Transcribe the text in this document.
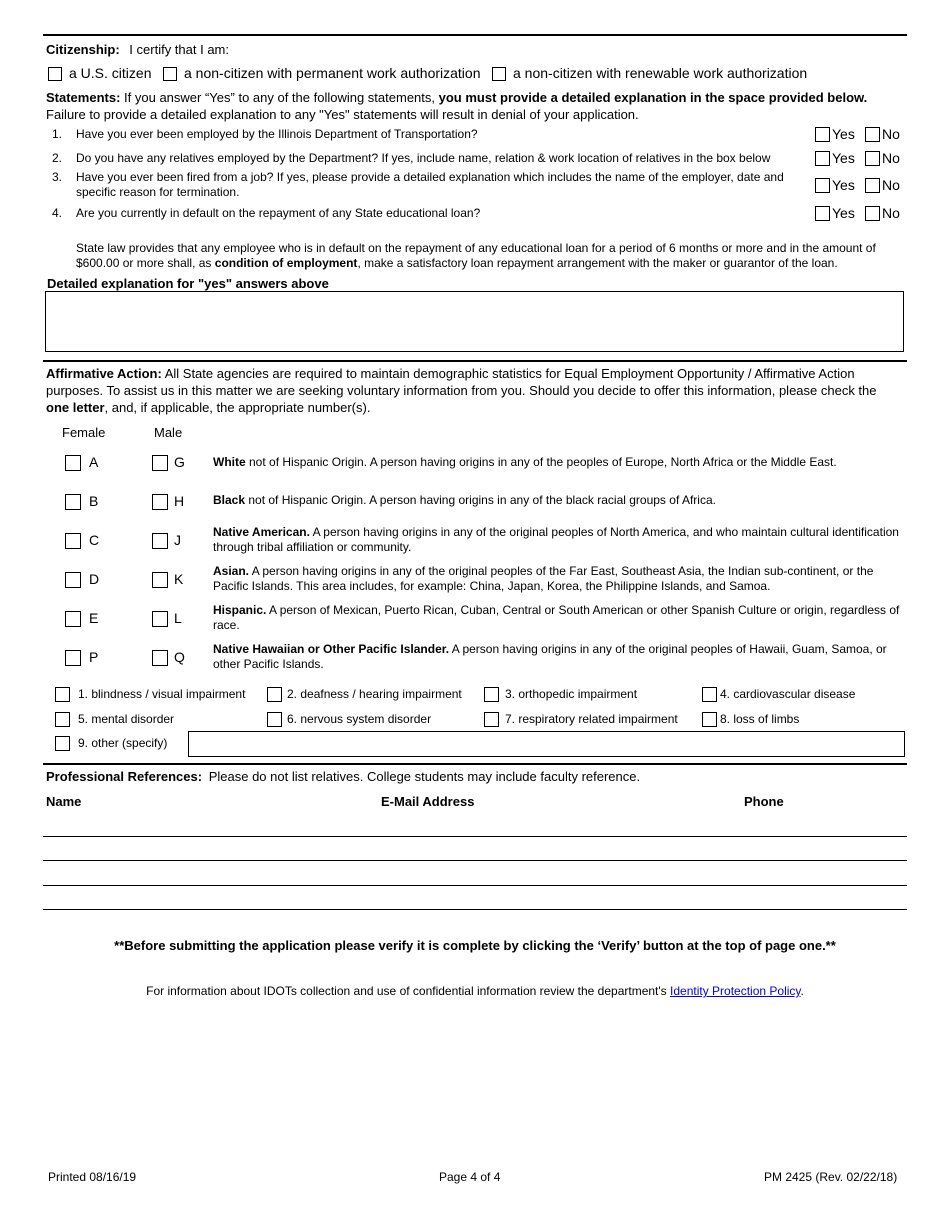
Citizenship: I certify that I am:
a U.S. citizen a non-citizen with permanent work authorization a non-citizen with renewable work authorization
Statements: If you answer “Yes” to any of the following statements, you must provide a detailed explanation in the space provided below. Failure to provide a detailed explanation to any "Yes" statements will result in denial of your application.
1. Have you ever been employed by the Illinois Department of Transportation?	Yes No
2. Do you have any relatives employed by the Department? If yes, include name, relation & work location of relatives in the box below	Yes No
3. Have you ever been fired from a job? If yes, please provide a detailed explanation which includes the name of the employer, date and specific reason for termination.	Yes No
4. Are you currently in default on the repayment of any State educational loan?	Yes No
State law provides that any employee who is in default on the repayment of any educational loan for a period of 6 months or more and in the amount of $600.00 or more shall, as condition of employment, make a satisfactory loan repayment arrangement with the maker or guarantor of the loan.
Detailed explanation for "yes" answers above
Affirmative Action: All State agencies are required to maintain demographic statistics for Equal Employment Opportunity / Affirmative Action purposes. To assist us in this matter we are seeking voluntary information from you. Should you decide to offer this information, please check the one letter, and, if applicable, the appropriate number(s).
Female	Male
A	G White not of Hispanic Origin. A person having origins in any of the peoples of Europe, North Africa or the Middle East.
B	H Black not of Hispanic Origin. A person having origins in any of the black racial groups of Africa.
C	J	Native American. A person having origins in any of the original peoples of North America, and who maintain cultural identification through tribal affiliation or community.
D	K Asian. A person having origins in any of the original peoples of the Far East, Southeast Asia, the Indian sub-continent, or the Pacific Islands. This area includes, for example: China, Japan, Korea, the Philippine Islands, and Samoa.
E	L	Hispanic. A person of Mexican, Puerto Rican, Cuban, Central or South American or other Spanish Culture or origin, regardless of race.
P	Q Native Hawaiian or Other Pacific Islander. A person having origins in any of the original peoples of Hawaii, Guam, Samoa, or other Pacific Islands.
1. blindness / visual impairment	2. deafness / hearing impairment	3. orthopedic impairment	4. cardiovascular disease
5. mental disorder	6. nervous system disorder	7. respiratory related impairment	8. loss of limbs
9. other (specify)
Professional References: Please do not list relatives. College students may include faculty reference.
Name	E-Mail Address	Phone
**Before submitting the application please verify it is complete by clicking the ‘Verify’ button at the top of page one.**
For information about IDOTs collection and use of confidential information review the department's Identity Protection Policy.
Printed 08/16/19	Page 4 of 4	PM 2425 (Rev. 02/22/18)
